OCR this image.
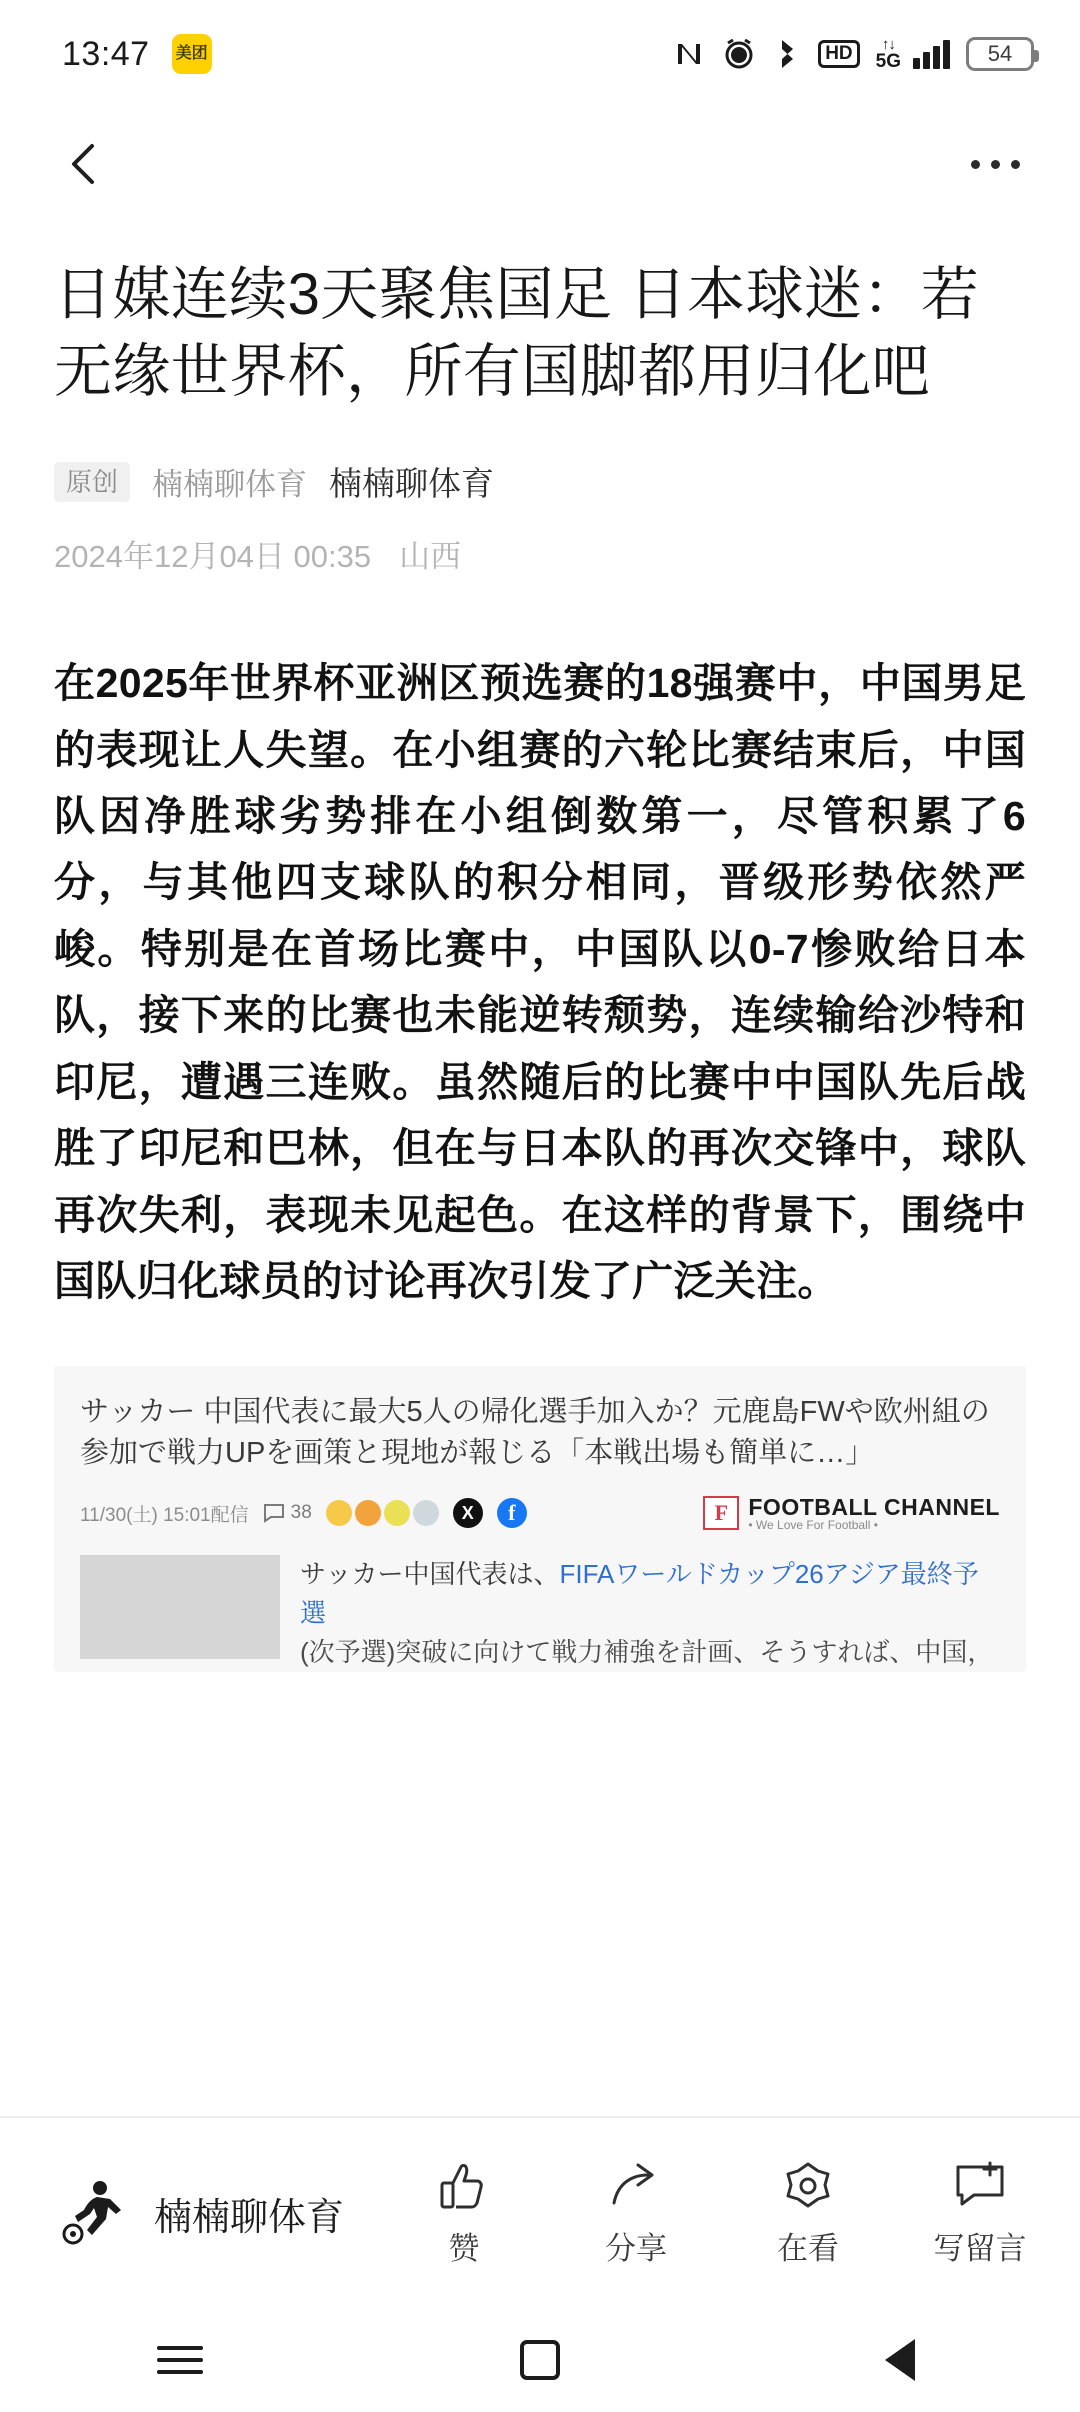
13:47 美团	HD	↑↓
5G	54
日媒连续3天聚焦国足 日本球迷：若无缘世界杯，所有国脚都用归化吧
原创	楠楠聊体育 楠楠聊体育
2024年12月04日 00:35 山西

在2025年世界杯亚洲区预选赛的18强赛中，中国男足的表现让人失望。在小组赛的六轮比赛结束后，中国队因净胜球劣势排在小组倒数第一，尽管积累了6分，与其他四支球队的积分相同，晋级形势依然严峻。特别是在首场比赛中，中国队以0-7惨败给日本队，接下来的比赛也未能逆转颓势，连续输给沙特和印尼，遭遇三连败。虽然随后的比赛中中国队先后战胜了印尼和巴林，但在与日本队的再次交锋中，球队再次失利，表现未见起色。在这样的背景下，围绕中国队归化球员的讨论再次引发了广泛关注。

サッカー 中国代表に最大5人の帰化選手加入か？元鹿島FWや欧州組の参加で戦力UPを画策と現地が報じる「本戦出場も簡単に…」
11/30(土) 15:01配信 38	X	f	F FOOTBALL CHANNEL
• We Love For Football •
サッカー中国代表は、FIFAワールドカップ26アジア最終予選
(次予選)突破に向けて戦力補強を計画、そうすれば、中国，
楠楠聊体育
赞	分享	在看	写留言
